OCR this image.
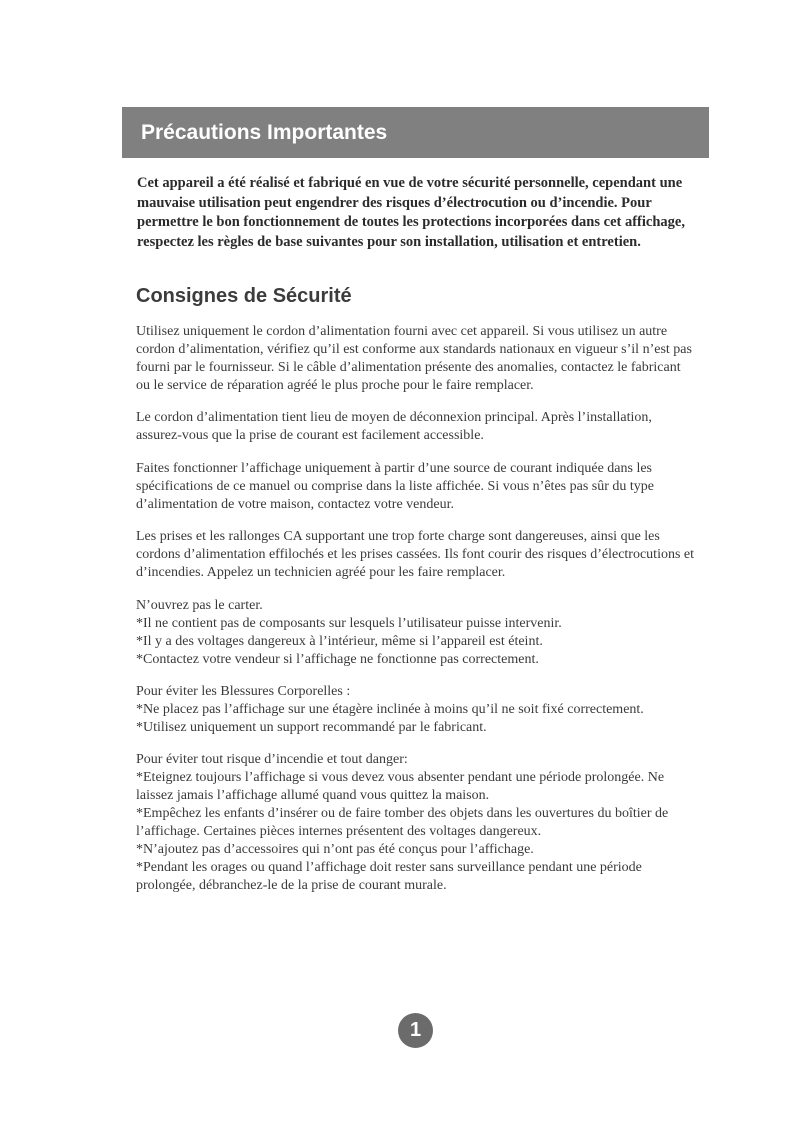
Précautions Importantes

Cet appareil a été réalisé et fabriqué en vue de votre sécurité personnelle, cependant une mauvaise utilisation peut engendrer des risques d’électrocution ou d’incendie. Pour permettre le bon fonctionnement de toutes les protections incorporées dans cet affichage, respectez les règles de base suivantes pour son installation, utilisation et entretien.

Consignes de Sécurité

Utilisez uniquement le cordon d’alimentation fourni avec cet appareil. Si vous utilisez un autre cordon d’alimentation, vérifiez qu’il est conforme aux standards nationaux en vigueur s’il n’est pas fourni par le fournisseur. Si le câble d’alimentation présente des anomalies, contactez le fabricant ou le service de réparation agréé le plus proche pour le faire remplacer.

Le cordon d’alimentation tient lieu de moyen de déconnexion principal. Après l’installation, assurez-vous que la prise de courant est facilement accessible.

Faites fonctionner l’affichage uniquement à partir d’une source de courant indiquée dans les spécifications de ce manuel ou comprise dans la liste affichée. Si vous n’êtes pas sûr du type d’alimentation de votre maison, contactez votre vendeur.

Les prises et les rallonges CA supportant une trop forte charge sont dangereuses, ainsi que les cordons d’alimentation effilochés et les prises cassées. Ils font courir des risques d’électrocutions et d’incendies. Appelez un technicien agréé pour les faire remplacer.

N’ouvrez pas le carter.
*Il ne contient pas de composants sur lesquels l’utilisateur puisse intervenir.
*Il y a des voltages dangereux à l’intérieur, même si l’appareil est éteint.
*Contactez votre vendeur si l’affichage ne fonctionne pas correctement.

Pour éviter les Blessures Corporelles :
*Ne placez pas l’affichage sur une étagère inclinée à moins qu’il ne soit fixé correctement.
*Utilisez uniquement un support recommandé par le fabricant.

Pour éviter tout risque d’incendie et tout danger:
*Eteignez toujours l’affichage si vous devez vous absenter pendant une période prolongée. Ne laissez jamais l’affichage allumé quand vous quittez la maison.
*Empêchez les enfants d’insérer ou de faire tomber des objets dans les ouvertures du boîtier de l’affichage. Certaines pièces internes présentent des voltages dangereux.
*N’ajoutez pas d’accessoires qui n’ont pas été conçus pour l’affichage.
*Pendant les orages ou quand l’affichage doit rester sans surveillance pendant une période prolongée, débranchez-le de la prise de courant murale.

1
